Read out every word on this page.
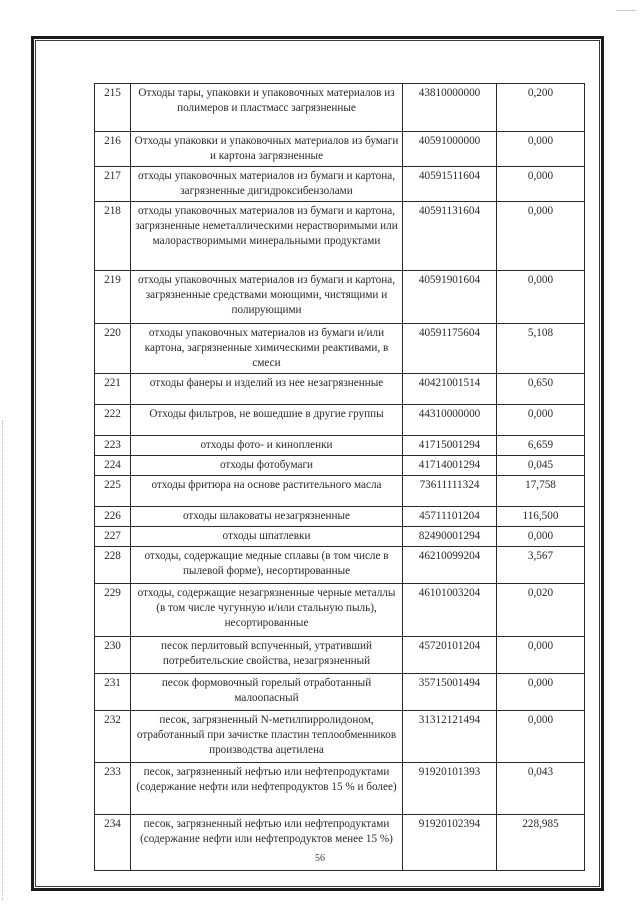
215	Отходы тары, упаковки и упаковочных материалов из полимеров и пластмасс загрязненные	43810000000	0,200
216	Отходы упаковки и упаковочных материалов из бумаги и картона загрязненные	40591000000	0,000
217	отходы упаковочных материалов из бумаги и картона, загрязненные дигидроксибензолами	40591511604	0,000
218	отходы упаковочных материалов из бумаги и картона, загрязненные неметаллическими нерастворимыми или малорастворимыми минеральными продуктами	40591131604	0,000
219	отходы упаковочных материалов из бумаги и картона, загрязненные средствами моющими, чистящими и полирующими	40591901604	0,000
220	отходы упаковочных материалов из бумаги и/или картона, загрязненные химическими реактивами, в смеси	40591175604	5,108
221	отходы фанеры и изделий из нее незагрязненные	40421001514	0,650
222	Отходы фильтров, не вошедшие в другие группы	44310000000	0,000
223	отходы фото- и кинопленки	41715001294	6,659
224	отходы фотобумаги	41714001294	0,045
225	отходы фритюра на основе растительного масла	73611111324	17,758
226	отходы шлаковаты незагрязненные	45711101204	116,500
227	отходы шпатлевки	82490001294	0,000
228	отходы, содержащие медные сплавы (в том числе в пылевой форме), несортированные	46210099204	3,567
229	отходы, содержащие незагрязненные черные металлы (в том числе чугунную и/или стальную пыль), несортированные	46101003204	0,020
230	песок перлитовый вспученный, утративший потребительские свойства, незагрязненный	45720101204	0,000
231	песок формовочный горелый отработанный малоопасный	35715001494	0,000
232	песок, загрязненный N-метилпирролидоном, отработанный при зачистке пластин теплообменников производства ацетилена	31312121494	0,000
233	песок, загрязненный нефтью или нефтепродуктами (содержание нефти или нефтепродуктов 15 % и более)	91920101393	0,043
234	песок, загрязненный нефтью или нефтепродуктами (содержание нефти или нефтепродуктов менее 15 %)	91920102394	228,985
56
